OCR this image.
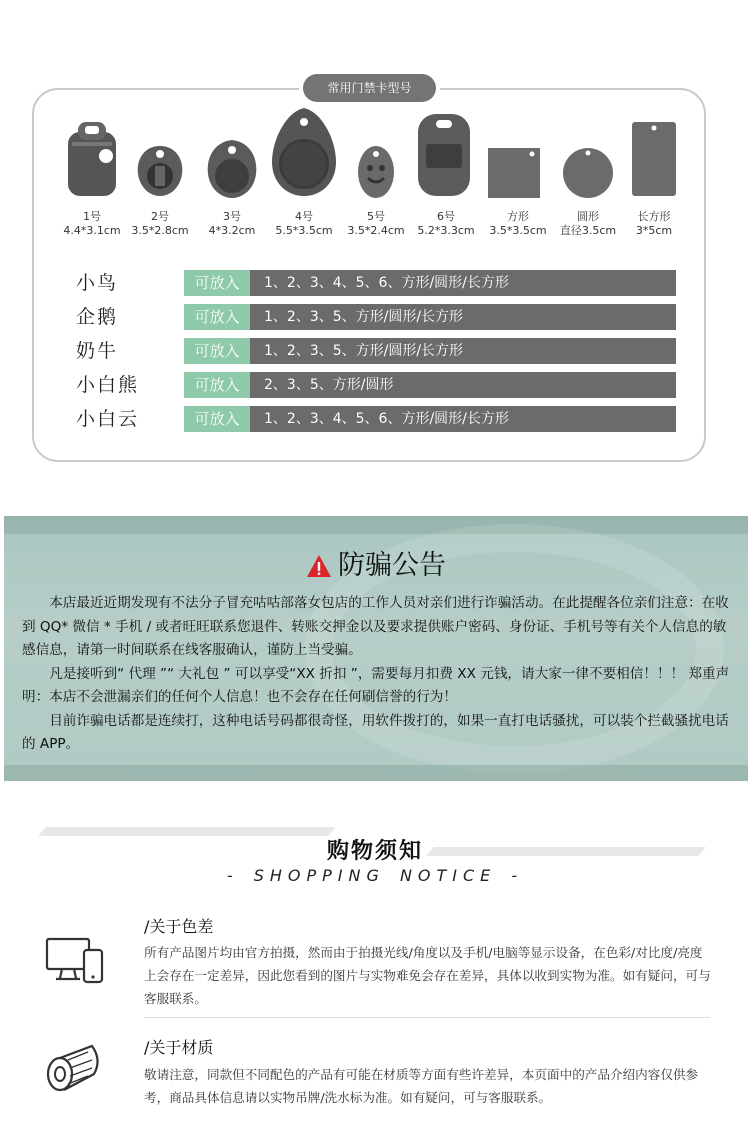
常用门禁卡型号
1号
4.4*3.1cm
2号
3.5*2.8cm
3号
4*3.2cm
4号
5.5*3.5cm
5号
3.5*2.4cm
6号
5.2*3.3cm
方形
3.5*3.5cm
圆形
直径3.5cm
长方形
3*5cm
小鸟	可放入	1、2、3、4、5、6、方形/圆形/长方形
企鹅	可放入	1、2、3、5、方形/圆形/长方形
奶牛	可放入	1、2、3、5、方形/圆形/长方形
小白熊	可放入	2、3、5、方形/圆形
小白云	可放入	1、2、3、4、5、6、方形/圆形/长方形
防骗公告

本店最近近期发现有不法分子冒充咕咕部落女包店的工作人员对亲们进行诈骗活动。在此提醒各位亲们注意：在收到 QQ* 微信 * 手机 / 或者旺旺联系您退件、转账交押金以及要求提供账户密码、身份证、手机号等有关个人信息的敏感信息，请第一时间联系在线客服确认，谨防上当受骗。

凡是接听到“ 代理 ”“ 大礼包 ” 可以享受“XX 折扣 ”，需要每月扣费 XX 元钱，请大家一律不要相信！！！ 郑重声明：本店不会泄漏亲们的任何个人信息！也不会存在任何刷信誉的行为！

目前诈骗电话都是连续打，这种电话号码都很奇怪，用软件拨打的，如果一直打电话骚扰，可以装个拦截骚扰电话的 APP。

购物须知
- SHOPPING NOTICE -
/关于色差
所有产品图片均由官方拍摄，然而由于拍摄光线/角度以及手机/电脑等显示设备，在色彩/对比度/亮度上会存在一定差异，因此您看到的图片与实物难免会存在差异，具体以收到实物为准。如有疑问，可与客服联系。
/关于材质
敬请注意，同款但不同配色的产品有可能在材质等方面有些许差异，本页面中的产品介绍内容仅供参考，商品具体信息请以实物吊牌/洗水标为准。如有疑问，可与客服联系。
